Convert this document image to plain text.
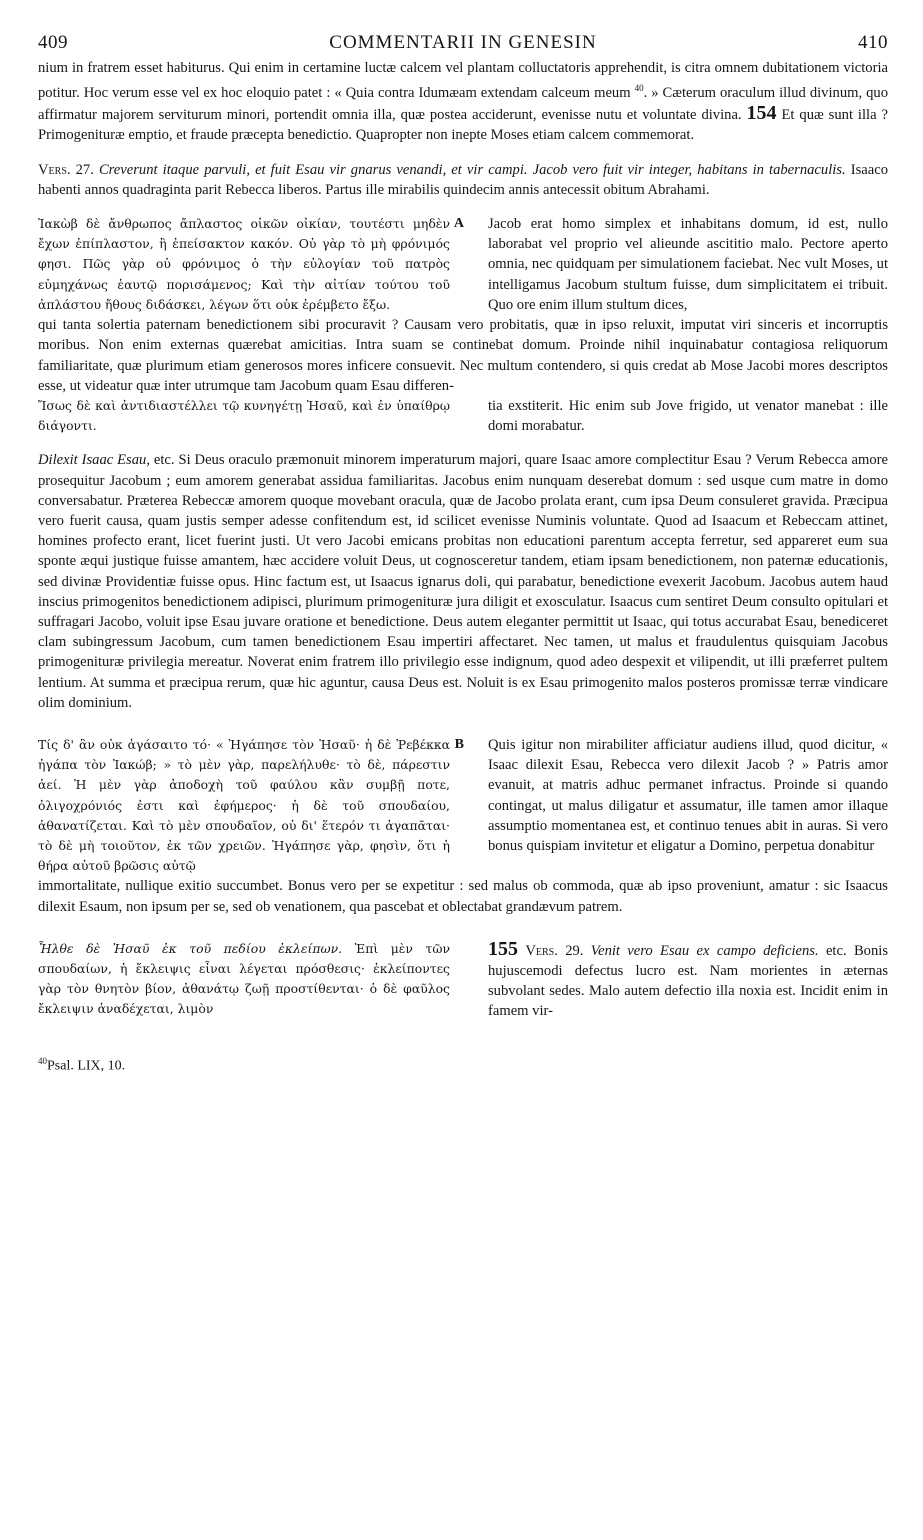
409	COMMENTARII IN GENESIN	410

nium in fratrem esset habiturus. Qui enim in certamine luctæ calcem vel plantam colluctatoris apprehendit, is citra omnem dubitationem victoria potitur. Hoc verum esse vel ex hoc eloquio patet : « Quia contra Idumæam extendam calceum meum $^{40}$. » Cæterum oraculum illud divinum, quo affirmatur majorem serviturum minori, portendit omnia illa, quæ postea acciderunt, evenisse nutu et voluntate divina. 154 Et quæ sunt illa ? Primogenituræ emptio, et fraude præcepta benedictio. Quapropter non inepte Moses etiam calcem commemorat.

Vers. 27. Creverunt itaque parvuli, et fuit Esau vir gnarus venandi, et vir campi. Jacob vero fuit vir integer, habitans in tabernaculis. Isaaco habenti annos quadraginta parit Rebecca liberos. Partus ille mirabilis quindecim annis antecessit obitum Abrahami.

Ἰακὼβ δὲ ἄνθρωπος ἄπλαστος οἰκῶν οἰκίαν, τουτέστι μηδὲν ἔχων ἐπίπλαστον, ἢ ἐπείσακτον κακόν. Οὐ γὰρ τὸ μὴ φρόνιμός φησι. Πῶς γὰρ οὐ φρόνιμος ὁ τὴν εὐλογίαν τοῦ πατρὸς εὐμηχάνως ἑαυτῷ πορισάμενος; Καὶ τὴν αἰτίαν τούτου τοῦ ἀπλάστου ἤθους διδάσκει, λέγων ὅτι οὐκ ἐρέμβετο ἔξω.
A Jacob erat homo simplex et inhabitans domum, id est, nullo laborabat vel proprio vel alieunde ascititio malo. Pectore aperto omnia, nec quidquam per simulationem faciebat. Nec vult Moses, ut intelligamus Jacobum stultum fuisse, dum simplicitatem ei tribuit. Quo ore enim illum stultum dices,

qui tanta solertia paternam benedictionem sibi procuravit ? Causam vero probitatis, quæ in ipso reluxit, imputat viri sinceris et incorruptis moribus. Non enim externas quærebat amicitias. Intra suam se continebat domum. Proinde nihil inquinabatur contagiosa reliquorum familiaritate, quæ plurimum etiam generosos mores inficere consuevit. Nec multum contendero, si quis credat ab Mose Jacobi mores descriptos esse, ut videatur quæ inter utrumque tam Jacobum quam Esau differen-

Ἴσως δὲ καὶ ἀντιδιαστέλλει τῷ κυνηγέτῃ Ἠσαῦ, καὶ ἐν ὑπαίθρῳ διάγοντι.
tia exstiterit. Hic enim sub Jove frigido, ut venator manebat : ille domi morabatur.

Dilexit Isaac Esau, etc. Si Deus oraculo præmonuit minorem imperaturum majori, quare Isaac amore complectitur Esau ? Verum Rebecca amore prosequitur Jacobum ; eum amorem generabat assidua familiaritas. Jacobus enim nunquam deserebat domum : sed usque cum matre in domo conversabatur. Præterea Rebeccæ amorem quoque movebant oracula, quæ de Jacobo prolata erant, cum ipsa Deum consuleret gravida. Præcipua vero fuerit causa, quam justis semper adesse confitendum est, id scilicet evenisse Numinis voluntate. Quod ad Isaacum et Rebeccam attinet, homines profecto erant, licet fuerint justi. Ut vero Jacobi emicans probitas non educationi parentum accepta ferretur, sed appareret eum sua sponte æqui justique fuisse amantem, hæc accidere voluit Deus, ut cognosceretur tandem, etiam ipsam benedictionem, non paternæ educationis, sed divinæ Providentiæ fuisse opus. Hinc factum est, ut Isaacus ignarus doli, qui parabatur, benedictione evexerit Jacobum. Jacobus autem haud inscius primogenitos benedictionem adipisci, plurimum primogenituræ jura diligit et exosculatur. Isaacus cum sentiret Deum consulto opitulari et suffragari Jacobo, voluit ipse Esau juvare oratione et benedictione. Deus autem eleganter permittit ut Isaac, qui totus accurabat Esau, benediceret clam subingressum Jacobum, cum tamen benedictionem Esau impertiri affectaret. Nec tamen, ut malus et fraudulentus quisquiam Jacobus primogenituræ privilegia mereatur. Noverat enim fratrem illo privilegio esse indignum, quod adeo despexit et vilipendit, ut illi præferret pultem lentium. At summa et præcipua rerum, quæ hic aguntur, causa Deus est. Noluit is ex Esau primogenito malos posteros promissæ terræ vindicare olim dominium.

Τίς δ' ἂν οὐκ ἀγάσαιτο τό· « Ἠγάπησε τὸν Ἠσαῦ· ἡ δὲ Ῥεβέκκα ἠγάπα τὸν Ἰακώβ; » τὸ μὲν γὰρ, παρελήλυθε· τὸ δὲ, πάρεστιν ἀεί. Ἡ μὲν γὰρ ἀποδοχὴ τοῦ φαύλου κἂν συμβῇ ποτε, ὀλιγοχρόνιός ἐστι καὶ ἐφήμερος· ἡ δὲ τοῦ σπουδαίου, ἀθανατίζεται. Καὶ τὸ μὲν σπουδαῖον, οὐ δι' ἕτερόν τι ἀγαπᾶται· τὸ δὲ μὴ τοιοῦτον, ἐκ τῶν χρειῶν. Ἠγάπησε γὰρ, φησὶν, ὅτι ἡ θήρα αὐτοῦ βρῶσις αὐτῷ
B Quis igitur non mirabiliter afficiatur audiens illud, quod dicitur, « Isaac dilexit Esau, Rebecca vero dilexit Jacob ? » Patris amor evanuit, at matris adhuc permanet infractus. Proinde si quando contingat, ut malus diligatur et assumatur, ille tamen amor illaque assumptio momentanea est, et continuo tenues abit in auras. Si vero bonus quispiam invitetur et eligatur a Domino, perpetua donabitur

immortalitate, nullique exitio succumbet. Bonus vero per se expetitur : sed malus ob commoda, quæ ab ipso proveniunt, amatur : sic Isaacus dilexit Esaum, non ipsum per se, sed ob venationem, qua pascebat et oblectabat grandævum patrem.

Ἦλθε δὲ Ἠσαῦ ἐκ τοῦ πεδίου ἐκλείπων. Ἐπὶ μὲν τῶν σπουδαίων, ἡ ἔκλειψις εἶναι λέγεται πρόσθεσις· ἐκλείποντες γὰρ τὸν θνητὸν βίον, ἀθανάτῳ ζωῇ προστίθενται· ὁ δὲ φαῦλος ἔκλειψιν ἀναδέχεται, λιμὸν
155 Vers. 29. Venit vero Esau ex campo deficiens. etc. Bonis hujuscemodi defectus lucro est. Nam morientes in æternas subvolant sedes. Malo autem defectio illa noxia est. Incidit enim in famem vir-
$^{40}$Psal. LIX, 10.
